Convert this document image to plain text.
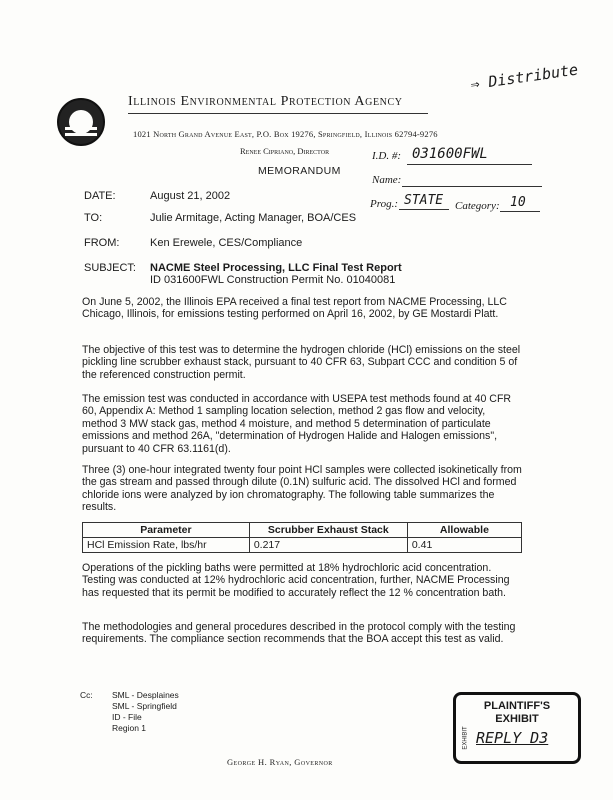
Illinois Environmental Protection Agency
1021 North Grand Avenue East, P.O. Box 19276, Springfield, Illinois 62794-9276
Renee Cipriano, Director
MEMORANDUM
⇒ Distribute
I.D. #: 031600FWL
Name:
Prog.: STATE Category: 10
DATE:	August 21, 2002
TO:	Julie Armitage, Acting Manager, BOA/CES
FROM:	Ken Erewele, CES/Compliance
SUBJECT: NACME Steel Processing, LLC Final Test Report
ID 031600FWL Construction Permit No. 01040081

On June 5, 2002, the Illinois EPA received a final test report from NACME Processing, LLC Chicago, Illinois, for emissions testing performed on April 16, 2002, by GE Mostardi Platt.

The objective of this test was to determine the hydrogen chloride (HCl) emissions on the steel pickling line scrubber exhaust stack, pursuant to 40 CFR 63, Subpart CCC and condition 5 of the referenced construction permit.

The emission test was conducted in accordance with USEPA test methods found at 40 CFR 60, Appendix A: Method 1 sampling location selection, method 2 gas flow and velocity, method 3 MW stack gas, method 4 moisture, and method 5 determination of particulate emissions and method 26A, "determination of Hydrogen Halide and Halogen emissions", pursuant to 40 CFR 63.1161(d).

Three (3) one-hour integrated twenty four point HCl samples were collected isokinetically from the gas stream and passed through dilute (0.1N) sulfuric acid. The dissolved HCl and formed chloride ions were analyzed by ion chromatography. The following table summarizes the results.

Parameter	Scrubber Exhaust Stack	Allowable
HCl Emission Rate, lbs/hr	0.217	0.41

Operations of the pickling baths were permitted at 18% hydrochloric acid concentration. Testing was conducted at 12% hydrochloric acid concentration, further, NACME Processing has requested that its permit be modified to accurately reflect the 12 % concentration bath.

The methodologies and general procedures described in the protocol comply with the testing requirements. The compliance section recommends that the BOA accept this test as valid.

Cc: SML - Desplaines
SML - Springfield
ID - File
Region 1
PLAINTIFF'S
EXHIBIT
EXHIBIT REPLY D3
George H. Ryan, Governor
